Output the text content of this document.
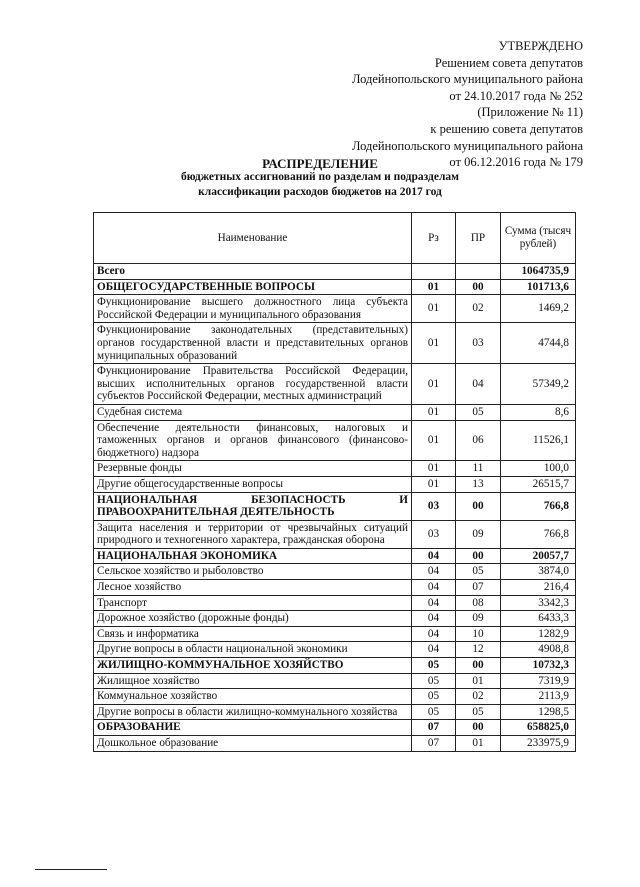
УТВЕРЖДЕНО
Решением совета депутатов
Лодейнопольского муниципального района
от 24.10.2017 года № 252
(Приложение № 11)
к решению совета депутатов
Лодейнопольского муниципального района
от 06.12.2016 года № 179
РАСПРЕДЕЛЕНИЕ
бюджетных ассигнований по разделам и подразделам
классификации расходов бюджетов на 2017 год
Наименование	Рз	ПР	Сумма (тысяч рублей)
Всего			1064735,9
ОБЩЕГОСУДАРСТВЕННЫЕ ВОПРОСЫ	01	00	101713,6
Функционирование высшего должностного лица субъекта Российской Федерации и муниципального образования	01	02	1469,2
Функционирование законодательных (представительных) органов государственной власти и представительных органов муниципальных образований	01	03	4744,8
Функционирование Правительства Российской Федерации, высших исполнительных органов государственной власти субъектов Российской Федерации, местных администраций	01	04	57349,2
Судебная система	01	05	8,6
Обеспечение деятельности финансовых, налоговых и таможенных органов и органов финансового (финансово-бюджетного) надзора	01	06	11526,1
Резервные фонды	01	11	100,0
Другие общегосударственные вопросы	01	13	26515,7
НАЦИОНАЛЬНАЯ БЕЗОПАСНОСТЬ И ПРАВООХРАНИТЕЛЬНАЯ ДЕЯТЕЛЬНОСТЬ	03	00	766,8
Защита населения и территории от чрезвычайных ситуаций природного и техногенного характера, гражданская оборона	03	09	766,8
НАЦИОНАЛЬНАЯ ЭКОНОМИКА	04	00	20057,7
Сельское хозяйство и рыболовство	04	05	3874,0
Лесное хозяйство	04	07	216,4
Транспорт	04	08	3342,3
Дорожное хозяйство (дорожные фонды)	04	09	6433,3
Связь и информатика	04	10	1282,9
Другие вопросы в области национальной экономики	04	12	4908,8
ЖИЛИЩНО-КОММУНАЛЬНОЕ ХОЗЯЙСТВО	05	00	10732,3
Жилищное хозяйство	05	01	7319,9
Коммунальное хозяйство	05	02	2113,9
Другие вопросы в области жилищно-коммунального хозяйства	05	05	1298,5
ОБРАЗОВАНИЕ	07	00	658825,0
Дошкольное образование	07	01	233975,9
